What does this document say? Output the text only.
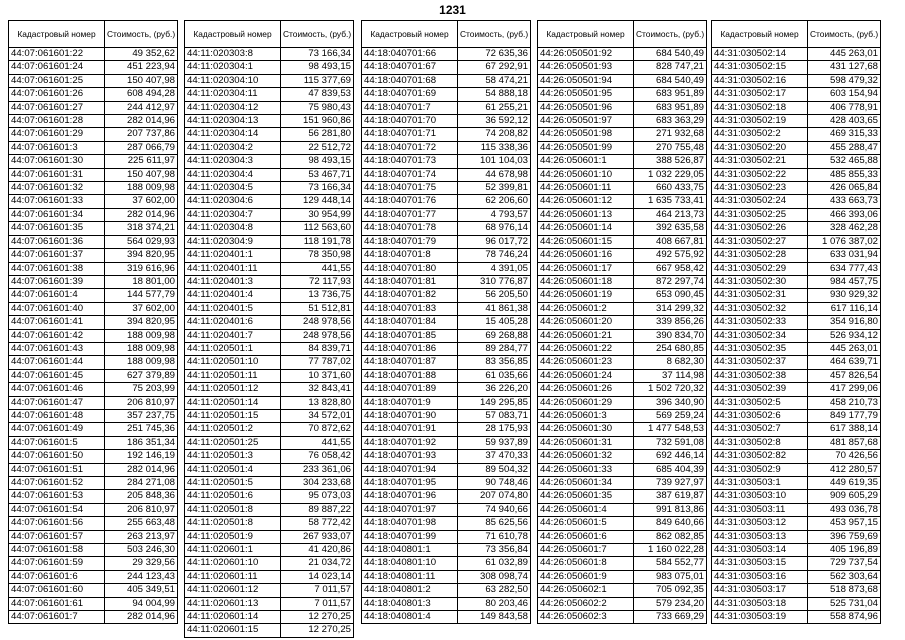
1231
Кадастровый номер	Стоимость, (руб.)
44:07:061601:22	49 352,62
44:07:061601:24	451 223,94
44:07:061601:25	150 407,98
44:07:061601:26	608 494,28
44:07:061601:27	244 412,97
44:07:061601:28	282 014,96
44:07:061601:29	207 737,86
44:07:061601:3	287 066,79
44:07:061601:30	225 611,97
44:07:061601:31	150 407,98
44:07:061601:32	188 009,98
44:07:061601:33	37 602,00
44:07:061601:34	282 014,96
44:07:061601:35	318 374,21
44:07:061601:36	564 029,93
44:07:061601:37	394 820,95
44:07:061601:38	319 616,96
44:07:061601:39	18 801,00
44:07:061601:4	144 577,79
44:07:061601:40	37 602,00
44:07:061601:41	394 820,95
44:07:061601:42	188 009,98
44:07:061601:43	188 009,98
44:07:061601:44	188 009,98
44:07:061601:45	627 379,89
44:07:061601:46	75 203,99
44:07:061601:47	206 810,97
44:07:061601:48	357 237,75
44:07:061601:49	251 745,36
44:07:061601:5	186 351,34
44:07:061601:50	192 146,19
44:07:061601:51	282 014,96
44:07:061601:52	284 271,08
44:07:061601:53	205 848,36
44:07:061601:54	206 810,97
44:07:061601:56	255 663,48
44:07:061601:57	263 213,97
44:07:061601:58	503 246,30
44:07:061601:59	29 329,56
44:07:061601:6	244 123,43
44:07:061601:60	405 349,51
44:07:061601:61	94 004,99
44:07:061601:7	282 014,96
Кадастровый номер	Стоимость, (руб.)
44:11:020303:8	73 166,34
44:11:020304:1	98 493,15
44:11:020304:10	115 377,69
44:11:020304:11	47 839,53
44:11:020304:12	75 980,43
44:11:020304:13	151 960,86
44:11:020304:14	56 281,80
44:11:020304:2	22 512,72
44:11:020304:3	98 493,15
44:11:020304:4	53 467,71
44:11:020304:5	73 166,34
44:11:020304:6	129 448,14
44:11:020304:7	30 954,99
44:11:020304:8	112 563,60
44:11:020304:9	118 191,78
44:11:020401:1	78 350,98
44:11:020401:11	441,55
44:11:020401:3	72 117,93
44:11:020401:4	13 736,75
44:11:020401:5	51 512,81
44:11:020401:6	248 978,56
44:11:020401:7	248 978,56
44:11:020501:1	84 839,71
44:11:020501:10	77 787,02
44:11:020501:11	10 371,60
44:11:020501:12	32 843,41
44:11:020501:14	13 828,80
44:11:020501:15	34 572,01
44:11:020501:2	70 872,62
44:11:020501:25	441,55
44:11:020501:3	76 058,42
44:11:020501:4	233 361,06
44:11:020501:5	304 233,68
44:11:020501:6	95 073,03
44:11:020501:8	89 887,22
44:11:020501:8	58 772,42
44:11:020501:9	267 933,07
44:11:020601:1	41 420,86
44:11:020601:10	21 034,72
44:11:020601:11	14 023,14
44:11:020601:12	7 011,57
44:11:020601:13	7 011,57
44:11:020601:14	12 270,25
44:11:020601:15	12 270,25
Кадастровый номер	Стоимость, (руб.)
44:18:040701:66	72 635,36
44:18:040701:67	67 292,91
44:18:040701:68	58 474,21
44:18:040701:69	54 888,18
44:18:040701:7	61 255,21
44:18:040701:70	36 592,12
44:18:040701:71	74 208,82
44:18:040701:72	115 338,36
44:18:040701:73	101 104,03
44:18:040701:74	44 678,98
44:18:040701:75	52 399,81
44:18:040701:76	62 206,60
44:18:040701:77	4 793,57
44:18:040701:78	68 976,14
44:18:040701:79	96 017,72
44:18:040701:8	78 746,24
44:18:040701:80	4 391,05
44:18:040701:81	310 776,87
44:18:040701:82	56 205,50
44:18:040701:83	41 861,38
44:18:040701:84	15 405,28
44:18:040701:85	69 268,88
44:18:040701:86	89 284,77
44:18:040701:87	83 356,85
44:18:040701:88	61 035,66
44:18:040701:89	36 226,20
44:18:040701:9	149 295,85
44:18:040701:90	57 083,71
44:18:040701:91	28 175,93
44:18:040701:92	59 937,89
44:18:040701:93	37 470,33
44:18:040701:94	89 504,32
44:18:040701:95	90 748,46
44:18:040701:96	207 074,80
44:18:040701:97	74 940,66
44:18:040701:98	85 625,56
44:18:040701:99	71 610,78
44:18:040801:1	73 356,84
44:18:040801:10	61 032,89
44:18:040801:11	308 098,74
44:18:040801:2	63 282,50
44:18:040801:3	80 203,46
44:18:040801:4	149 843,58
Кадастровый номер	Стоимость, (руб.)
44:26:050501:92	684 540,49
44:26:050501:93	828 747,21
44:26:050501:94	684 540,49
44:26:050501:95	683 951,89
44:26:050501:96	683 951,89
44:26:050501:97	683 363,29
44:26:050501:98	271 932,68
44:26:050501:99	270 755,48
44:26:050601:1	388 526,87
44:26:050601:10	1 032 229,05
44:26:050601:11	660 433,75
44:26:050601:12	1 635 733,41
44:26:050601:13	464 213,73
44:26:050601:14	392 635,58
44:26:050601:15	408 667,81
44:26:050601:16	492 575,92
44:26:050601:17	667 958,42
44:26:050601:18	872 297,74
44:26:050601:19	653 090,45
44:26:050601:2	314 299,32
44:26:050601:20	339 856,26
44:26:050601:21	390 834,70
44:26:050601:22	254 680,85
44:26:050601:23	8 682,30
44:26:050601:24	37 114,98
44:26:050601:26	1 502 720,32
44:26:050601:29	396 340,90
44:26:050601:3	569 259,24
44:26:050601:30	1 477 548,53
44:26:050601:31	732 591,08
44:26:050601:32	692 446,14
44:26:050601:33	685 404,39
44:26:050601:34	739 927,97
44:26:050601:35	387 619,87
44:26:050601:4	991 813,86
44:26:050601:5	849 640,66
44:26:050601:6	862 082,85
44:26:050601:7	1 160 022,28
44:26:050601:8	584 552,77
44:26:050601:9	983 075,01
44:26:050602:1	705 092,35
44:26:050602:2	579 234,20
44:26:050602:3	733 669,29
Кадастровый номер	Стоимость, (руб.)
44:31:030502:14	445 263,01
44:31:030502:15	431 127,68
44:31:030502:16	598 479,32
44:31:030502:17	603 154,94
44:31:030502:18	406 778,91
44:31:030502:19	428 403,65
44:31:030502:2	469 315,33
44:31:030502:20	455 288,47
44:31:030502:21	532 465,88
44:31:030502:22	485 855,33
44:31:030502:23	426 065,84
44:31:030502:24	433 663,73
44:31:030502:25	466 393,06
44:31:030502:26	328 462,28
44:31:030502:27	1 076 387,02
44:31:030502:28	633 031,94
44:31:030502:29	634 777,43
44:31:030502:30	984 457,75
44:31:030502:31	930 929,32
44:31:030502:32	617 116,14
44:31:030502:33	354 916,80
44:31:030502:34	526 934,12
44:31:030502:35	445 263,01
44:31:030502:37	464 639,71
44:31:030502:38	457 826,54
44:31:030502:39	417 299,06
44:31:030502:5	458 210,73
44:31:030502:6	849 177,79
44:31:030502:7	617 388,14
44:31:030502:8	481 857,68
44:31:030502:82	70 426,56
44:31:030502:9	412 280,57
44:31:030503:1	449 619,35
44:31:030503:10	909 605,29
44:31:030503:11	493 036,78
44:31:030503:12	453 957,15
44:31:030503:13	396 759,69
44:31:030503:14	405 196,89
44:31:030503:15	729 737,54
44:31:030503:16	562 303,64
44:31:030503:17	518 873,68
44:31:030503:18	525 731,04
44:31:030503:19	558 874,96
